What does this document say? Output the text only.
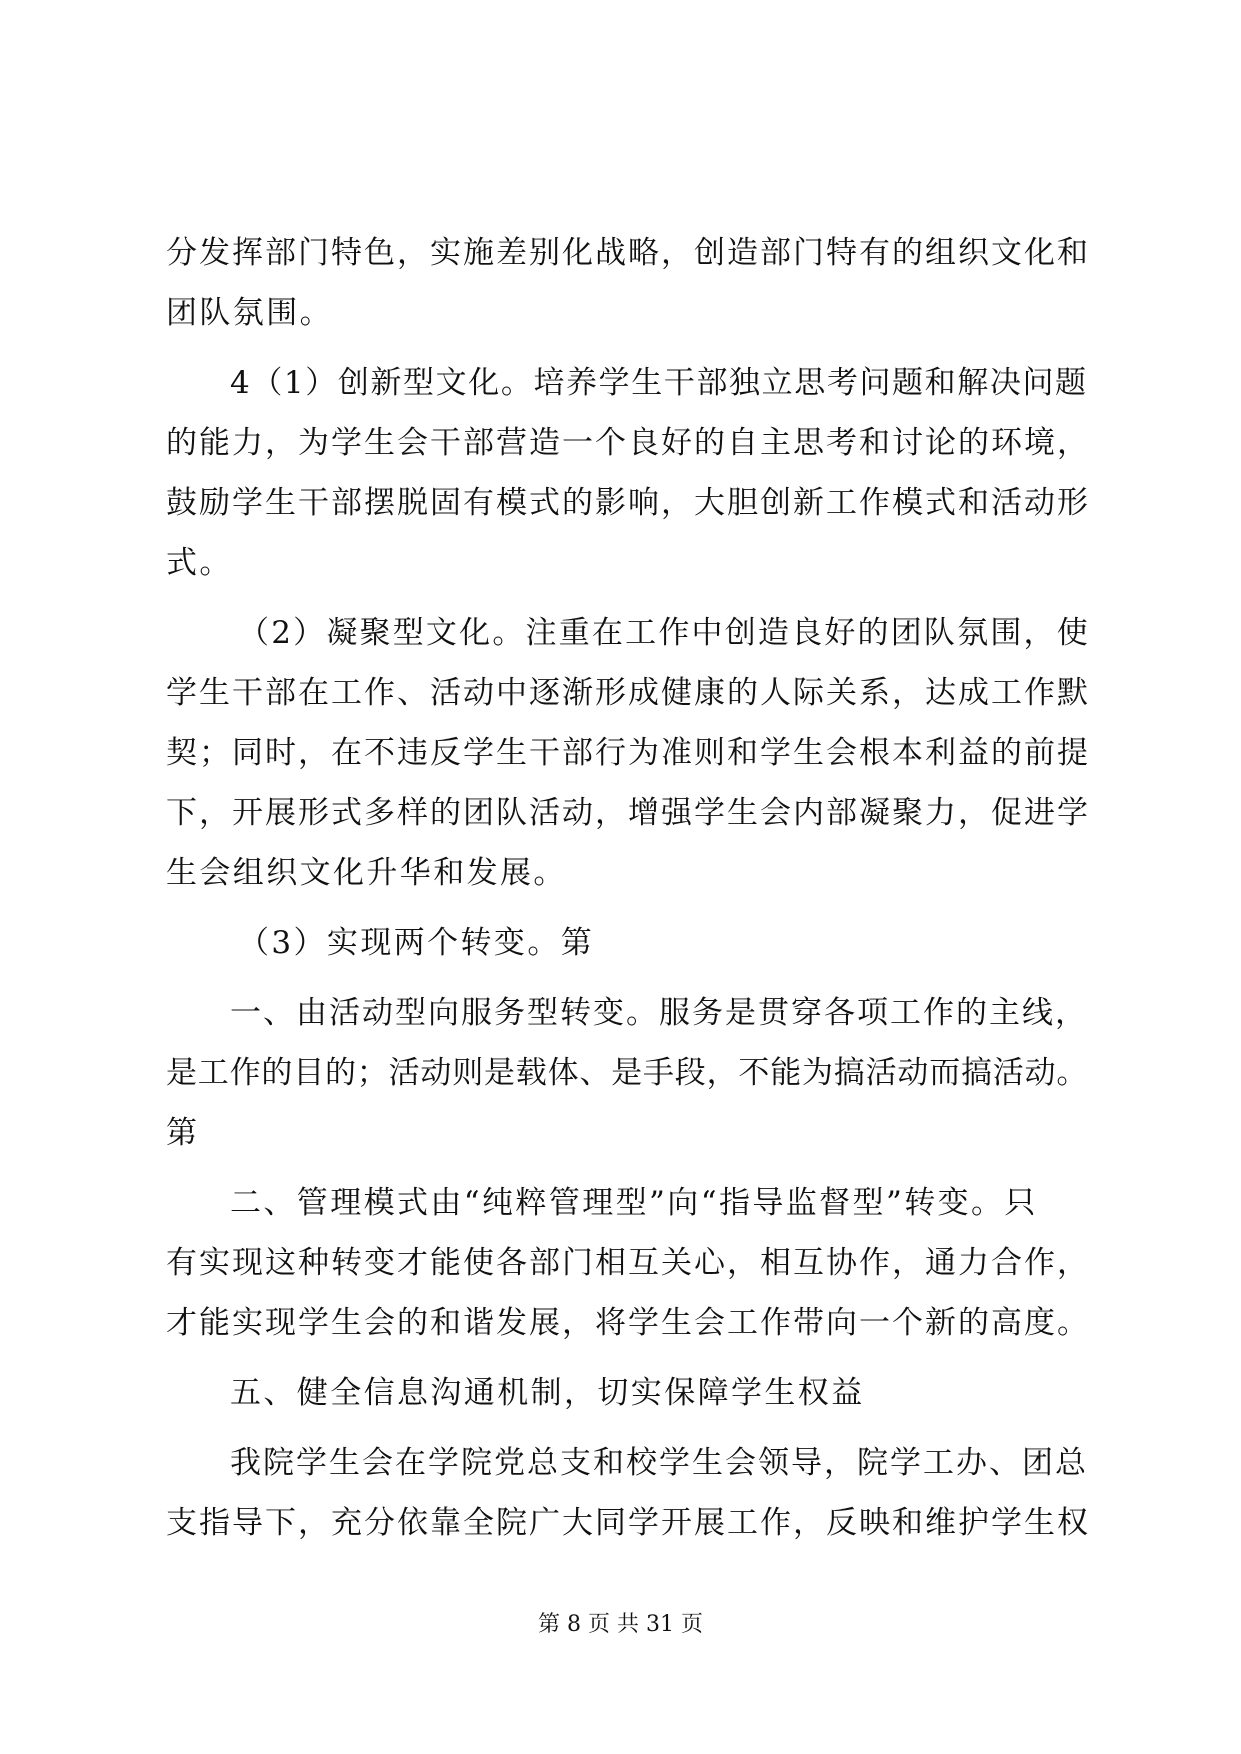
分发挥部门特色，实施差别化战略，创造部门特有的组织文化和
团队氛围。
4（1）创新型文化。培养学生干部独立思考问题和解决问题
的能力，为学生会干部营造一个良好的自主思考和讨论的环境，
鼓励学生干部摆脱固有模式的影响，大胆创新工作模式和活动形
式。
（2）凝聚型文化。注重在工作中创造良好的团队氛围，使
学生干部在工作、活动中逐渐形成健康的人际关系，达成工作默
契；同时，在不违反学生干部行为准则和学生会根本利益的前提
下，开展形式多样的团队活动，增强学生会内部凝聚力，促进学
生会组织文化升华和发展。
（3）实现两个转变。第
一、由活动型向服务型转变。服务是贯穿各项工作的主线，
是工作的目的；活动则是载体、是手段，不能为搞活动而搞活动。
第
二、管理模式由“纯粹管理型”向“指导监督型”转变。只
有实现这种转变才能使各部门相互关心，相互协作，通力合作，
才能实现学生会的和谐发展，将学生会工作带向一个新的高度。
五、健全信息沟通机制，切实保障学生权益
我院学生会在学院党总支和校学生会领导，院学工办、团总
支指导下，充分依靠全院广大同学开展工作，反映和维护学生权
第 8 页 共 31 页
